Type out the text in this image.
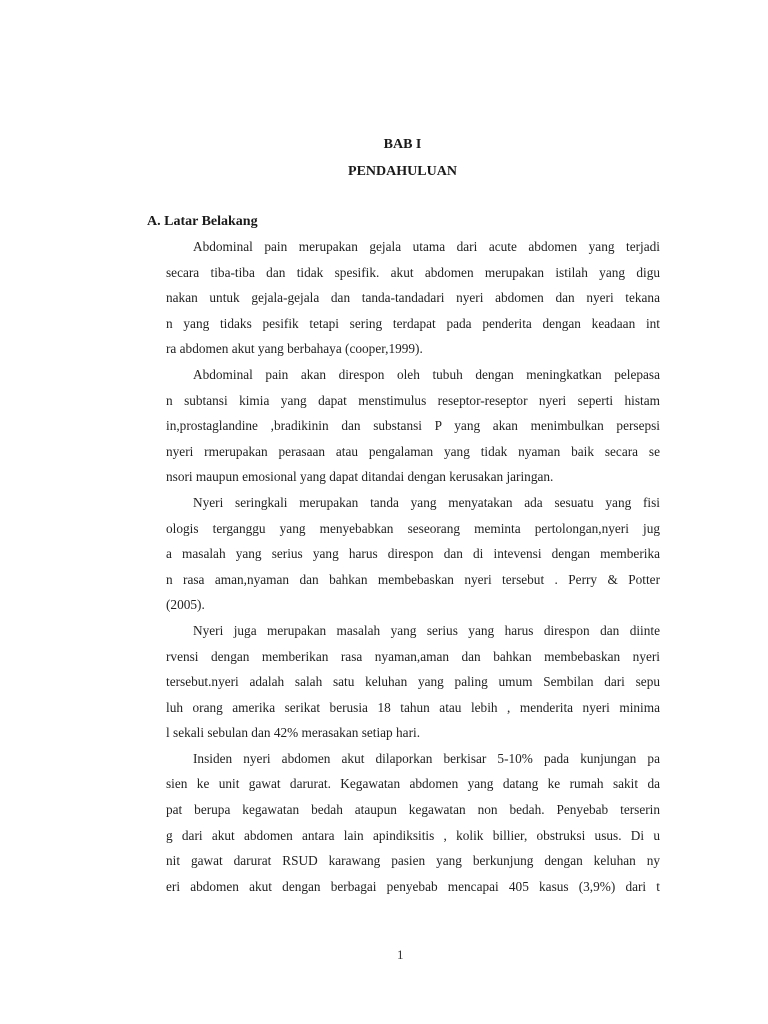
BAB I
PENDAHULUAN
A. Latar Belakang
Abdominal pain merupakan gejala utama dari acute abdomen yang terjadi
secara tiba-tiba dan tidak spesifik. akut abdomen merupakan istilah yang digu
nakan untuk gejala-gejala dan tanda-tandadari nyeri abdomen dan nyeri tekana
n yang tidaks pesifik tetapi sering terdapat pada penderita dengan keadaan int
ra abdomen akut yang berbahaya (cooper,1999).
Abdominal pain akan direspon oleh tubuh dengan meningkatkan pelepasa
n subtansi kimia yang dapat menstimulus reseptor-reseptor nyeri seperti histam
in,prostaglandine ,bradikinin dan substansi P yang akan menimbulkan persepsi
nyeri rmerupakan perasaan atau pengalaman yang tidak nyaman baik secara se
nsori maupun emosional yang dapat ditandai dengan kerusakan jaringan.
Nyeri seringkali merupakan tanda yang menyatakan ada sesuatu yang fisi
ologis terganggu yang menyebabkan seseorang meminta pertolongan,nyeri jug
a masalah yang serius yang harus direspon dan di intevensi dengan memberika
n rasa aman,nyaman dan bahkan membebaskan nyeri tersebut . Perry & Potter
(2005).
Nyeri juga merupakan masalah yang serius yang harus direspon dan diinte
rvensi dengan memberikan rasa nyaman,aman dan bahkan membebaskan nyeri
tersebut.nyeri adalah salah satu keluhan yang paling umum Sembilan dari sepu
luh orang amerika serikat berusia 18 tahun atau lebih , menderita nyeri minima
l sekali sebulan dan 42% merasakan setiap hari.
Insiden nyeri abdomen akut dilaporkan berkisar 5-10% pada kunjungan pa
sien ke unit gawat darurat. Kegawatan abdomen yang datang ke rumah sakit da
pat berupa kegawatan bedah ataupun kegawatan non bedah. Penyebab terserin
g dari akut abdomen antara lain apindiksitis , kolik billier, obstruksi usus. Di u
nit gawat darurat RSUD karawang pasien yang berkunjung dengan keluhan ny
eri abdomen akut dengan berbagai penyebab mencapai 405 kasus (3,9%) dari t
1
